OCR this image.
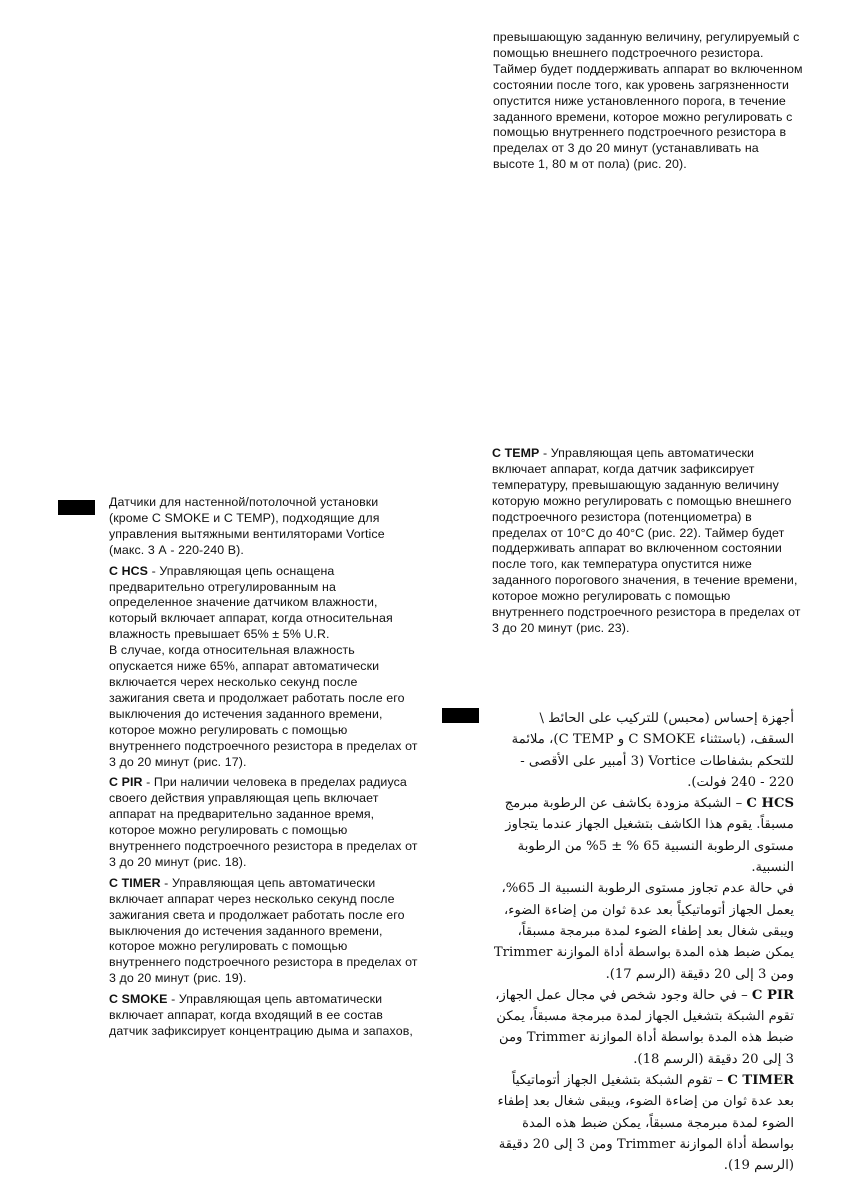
превышающую заданную величину, регулируемый с помощью внешнего подстроечного резистора. Таймер будет поддерживать аппарат во включенном состоянии после того, как уровень загрязненности опустится ниже установленного порога, в течение заданного времени, которое можно регулировать с помощью внутреннего подстроечного резистора в пределах от 3 до 20 минут (устанавливать на высоте 1, 80 м от пола) (рис. 20).

Датчики для настенной/потолочной установки (кроме C SMOKE и C TEMP), подходящие для управления вытяжными вентиляторами Vortice (макс. 3 А - 220-240 В).

C HCS - Управляющая цепь оснащена предварительно отрегулированным на определенное значение датчиком влажности, который включает аппарат, когда относительная влажность превышает 65% ± 5% U.R.

В случае, когда относительная влажность опускается ниже 65%, аппарат автоматически включается черех несколько секунд после зажигания света и продолжает работать после его выключения до истечения заданного времени, которое можно регулировать с помощью внутреннего подстроечного резистора в пределах от 3 до 20 минут (рис. 17).

C PIR - При наличии человека в пределах радиуса своего действия управляющая цепь включает аппарат на предварительно заданное время, которое можно регулировать с помощью внутреннего подстроечного резистора в пределах от 3 до 20 минут (рис. 18).

C TIMER - Управляющая цепь автоматически включает аппарат через несколько секунд после зажигания света и продолжает работать после его выключения до истечения заданного времени, которое можно регулировать с помощью внутреннего подстроечного резистора в пределах от 3 до 20 минут (рис. 19).

C SMOKE - Управляющая цепь автоматически включает аппарат, когда входящий в ее состав датчик зафиксирует концентрацию дыма и запахов,

C TEMP - Управляющая цепь автоматически включает аппарат, когда датчик зафиксирует температуру, превышающую заданную величину которую можно регулировать с помощью внешнего подстроечного резистора (потенциометра) в пределах от 10°С до 40°С (рис. 22). Таймер будет поддерживать аппарат во включенном состоянии после того, как температура опустится ниже заданного порогового значения, в течение времени, которое можно регулировать с помощью внутреннего подстроечного резистора в пределах от 3 до 20 минут (рис. 23).

أجهزة إحساس (محبس) للتركيب على الحائط \ السقف، (باستثناء C SMOKE و C TEMP)، ملائمة للتحكم بشفاطات Vortice (3 أمبير على الأقصى - 220 - 240 فولت).

C HCS – الشبكة مزودة بكاشف عن الرطوبة مبرمج مسبقاً. يقوم هذا الكاشف بتشغيل الجهاز عندما يتجاوز مستوى الرطوبة النسبية 65 % ± 5% من الرطوبة النسبية.

في حالة عدم تجاوز مستوى الرطوبة النسبية الـ 65%، يعمل الجهاز أتوماتيكياً بعد عدة ثوان من إضاءة الضوء، ويبقى شغال بعد إطفاء الضوء لمدة مبرمجة مسبقاً، يمكن ضبط هذه المدة بواسطة أداة الموازنة Trimmer ومن 3 إلى 20 دقيقة (الرسم 17).

C PIR – في حالة وجود شخص في مجال عمل الجهاز، تقوم الشبكة بتشغيل الجهاز لمدة مبرمجة مسبقاً، يمكن ضبط هذه المدة بواسطة أداة الموازنة Trimmer ومن 3 إلى 20 دقيقة (الرسم 18).

C TIMER – تقوم الشبكة بتشغيل الجهاز أتوماتيكياً بعد عدة ثوان من إضاءة الضوء، ويبقى شغال بعد إطفاء الضوء لمدة مبرمجة مسبقاً، يمكن ضبط هذه المدة بواسطة أداة الموازنة Trimmer ومن 3 إلى 20 دقيقة (الرسم 19).
